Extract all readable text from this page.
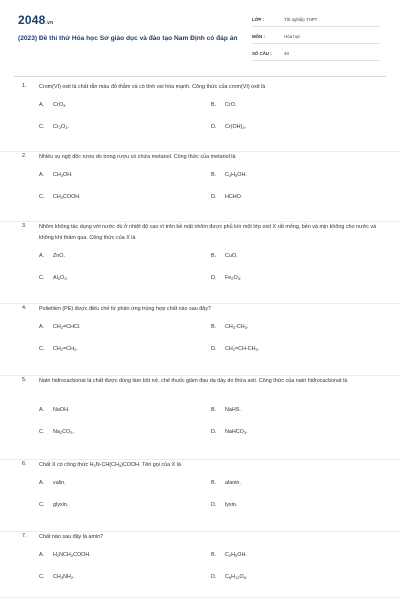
2048.vn
(2023) Đề thi thử Hóa học Sở giáo dục và đào tạo Nam Định có đáp án
LỚP :	Tốt nghiệp THPT
MÔN :	Hóa học
SỐ CÂU :	40
1. Crom(VI) oxit là chất rắn màu đỏ thẫm và có tính oxi hóa mạnh. Công thức của crom(VI) oxit là
A. CrO$_3$.	B. CrO.
C. $Cr_2O_3$.	D. $Cr(OH)_3$.
2. Nhiều vụ ngộ độc rượu do trong rượu có chứa metanol. Công thức của metanol là
A. $CH_3OH$.	B. $C_2H_5OH$.
C. $CH_3COOH$.	D. HCHO.
3. Nhôm không tác dụng với nước dù ở nhiệt độ cao vì trên bề mặt nhôm được phủ kín một lớp oxit X rất mỏng, bền và mịn không cho nước và không khí thấm qua. Công thức của X là
A. ZnO.	B. CuO.
C. $Al_2O_3$.	D. $Fe_2O_3$.
4. Polietilen (PE) được điều chế từ phản ứng trùng hợp chất nào sau đây?
A. $CH_2=CHCl$.	B. $CH_3-CH_3$.
C. $CH_2=CH_2$.	D. $CH_2=CH-CH_3$.
5. Natri hiđrocacbonat là chất được dùng làm bột nở, chế thuốc giảm đau dạ dày do thừa axit. Công thức của natri hiđrocacbonat là
A. NaOH.	B. NaHS.
C. $Na_2CO_3$.	D. NaHCO$_3$.
6. Chất X có công thức $H_2N-CH(CH_3)COOH$. Tên gọi của X là
A. valin.	B. alanin.
C. glyxin.	D. lysin.
7. Chất nào sau đây là amin?
A. $H_2NCH_2COOH$.	B. $C_2H_5OH$.
C. $CH_3NH_2$.	D. $C_6H_{12}O_6$.
